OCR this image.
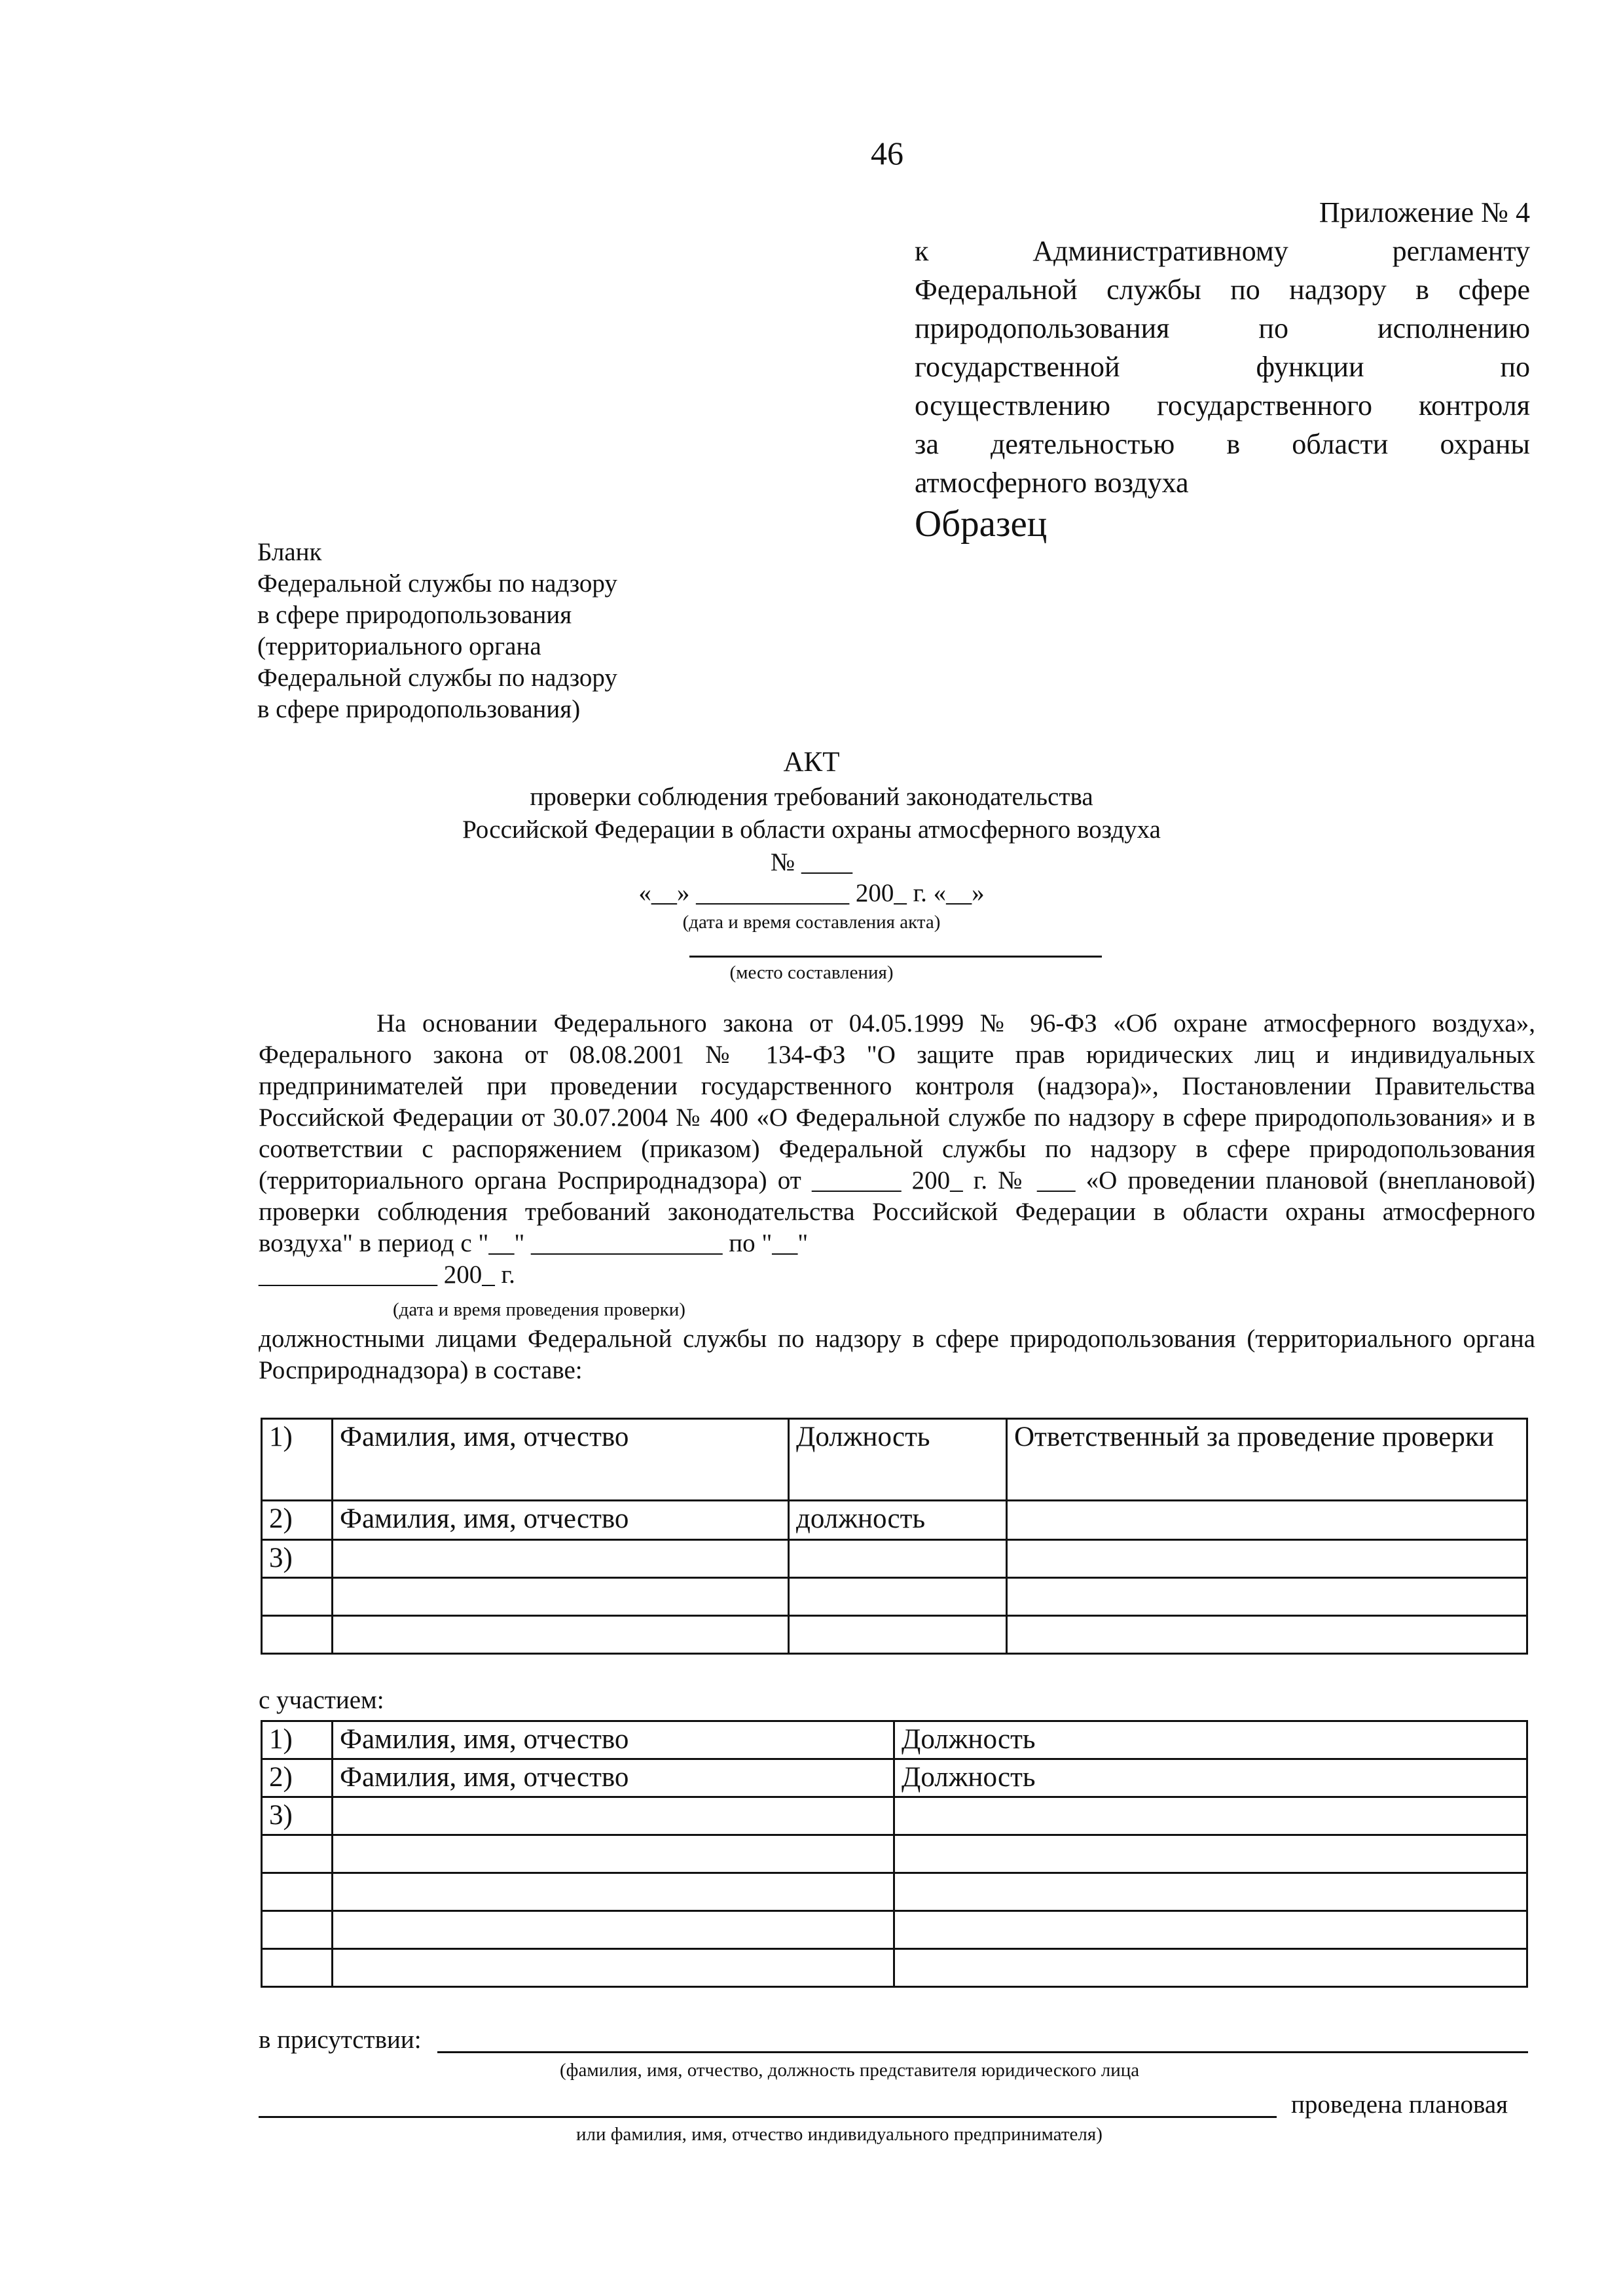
46
Приложение № 4
к Административному регламенту
Федеральной службы по надзору в сфере
природопользования по исполнению
государственной функции по
осуществлению государственного контроля
за деятельностью в области охраны
атмосферного воздуха
Образец
Бланк
Федеральной службы по надзору
в сфере природопользования
(территориального органа
Федеральной службы по надзору
в сфере природопользования)
АКТ
проверки соблюдения требований законодательства
Российской Федерации в области охраны атмосферного воздуха
№ ____
«__» ____________ 200_ г. «__»
(дата и время составления акта)
(место составления)

На основании Федерального закона от 04.05.1999 № 96-ФЗ «Об охране атмосферного воздуха», Федерального закона от 08.08.2001 № 134-ФЗ "О защите прав юридических лиц и индивидуальных предпринимателей при проведении государственного контроля (надзора)», Постановлении Правительства Российской Федерации от 30.07.2004 № 400 «О Федеральной службе по надзору в сфере природопользования» и в соответствии с распоряжением (приказом) Федеральной службы по надзору в сфере природопользования (территориального органа Росприроднадзора) от _______ 200_ г. № ___ «О проведении плановой (внеплановой) проверки соблюдения требований законодательства Российской Федерации в области охраны атмосферного воздуха" в период с "__" _______________ по "__"

______________ 200_ г.
(дата и время проведения проверки)
должностными лицами Федеральной службы по надзору в сфере природопользования (территориального органа Росприроднадзора) в составе:
1)	Фамилия, имя, отчество	Должность	Ответственный за проведение проверки
2)	Фамилия, имя, отчество	должность	
3)			

с участием:
1)	Фамилия, имя, отчество	Должность
2)	Фамилия, имя, отчество	Должность
3)		

в присутствии:
(фамилия, имя, отчество, должность представителя юридического лица
проведена плановая
или фамилия, имя, отчество индивидуального предпринимателя)
